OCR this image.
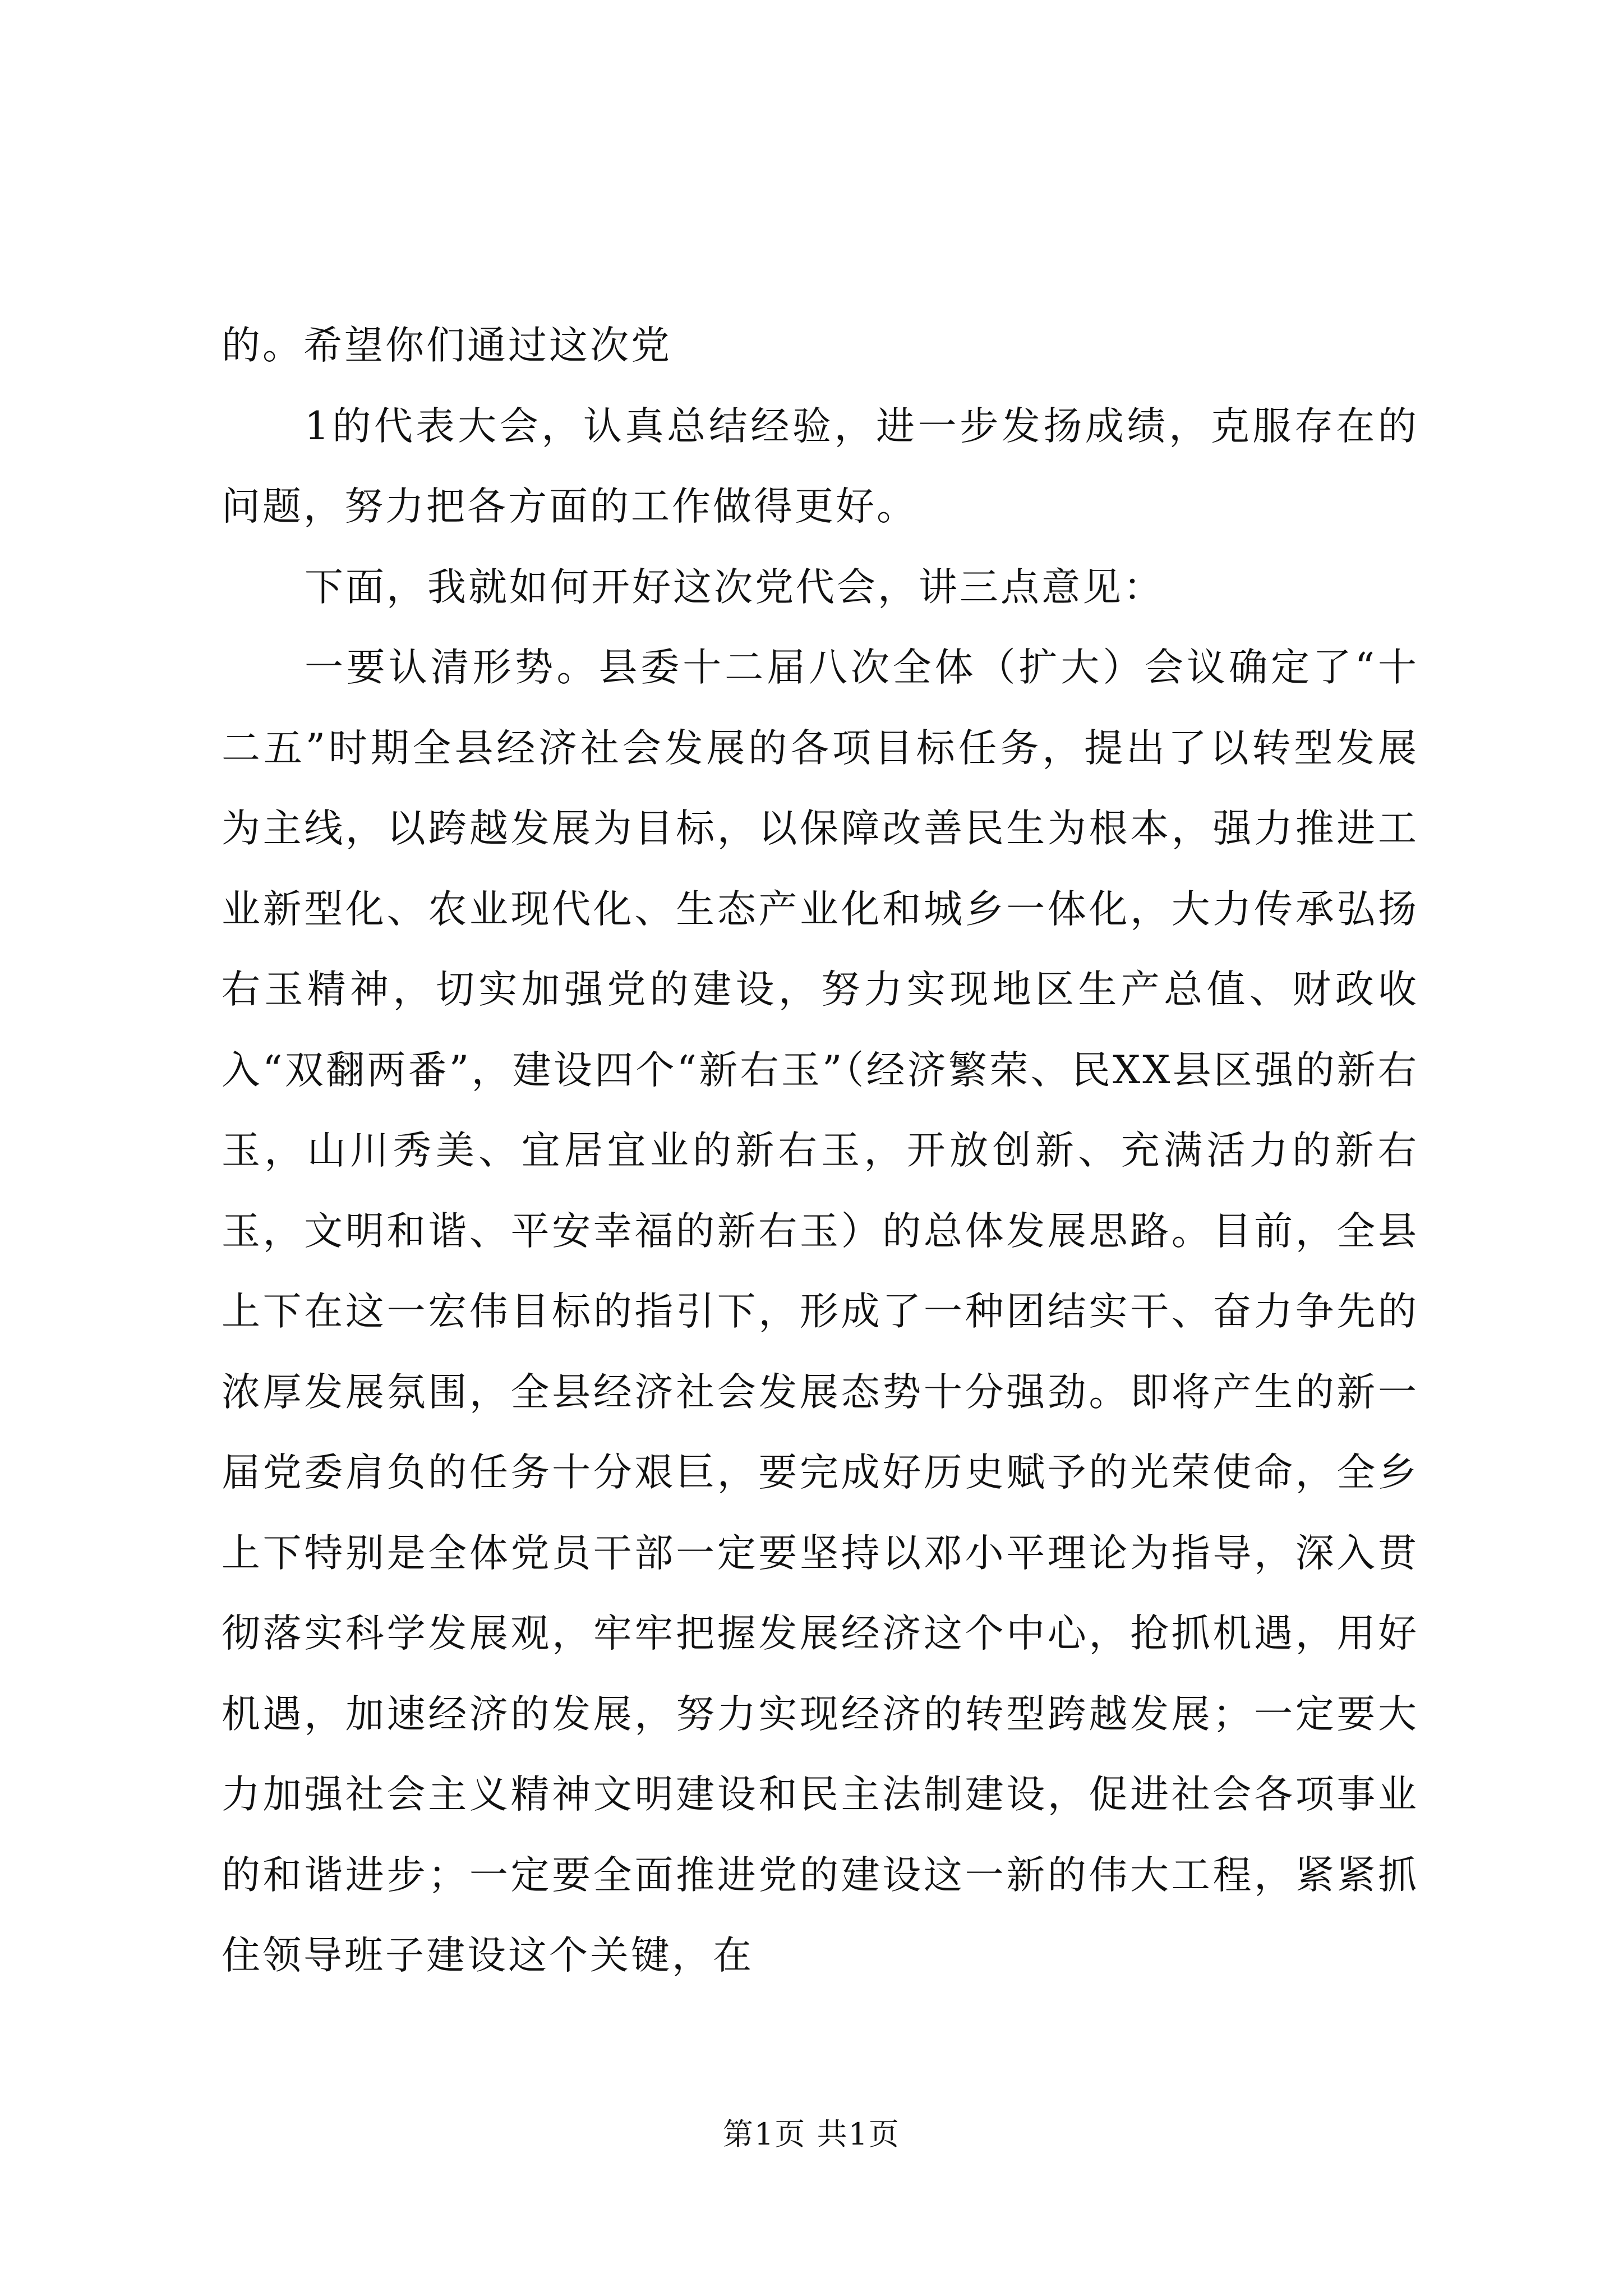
的。希望你们通过这次党

1的代表大会，认真总结经验，进一步发扬成绩，克服存在的问题，努力把各方面的工作做得更好。

下面，我就如何开好这次党代会，讲三点意见：

一要认清形势。县委十二届八次全体（扩大）会议确定了“十二五”时期全县经济社会发展的各项目标任务，提出了以转型发展为主线，以跨越发展为目标，以保障改善民生为根本，强力推进工业新型化、农业现代化、生态产业化和城乡一体化，大力传承弘扬右玉精神，切实加强党的建设，努力实现地区生产总值、财政收入“双翻两番”，建设四个“新右玉”（经济繁荣、民XX县区强的新右玉，山川秀美、宜居宜业的新右玉，开放创新、充满活力的新右玉，文明和谐、平安幸福的新右玉）的总体发展思路。目前，全县上下在这一宏伟目标的指引下，形成了一种团结实干、奋力争先的浓厚发展氛围，全县经济社会发展态势十分强劲。即将产生的新一届党委肩负的任务十分艰巨，要完成好历史赋予的光荣使命，全乡上下特别是全体党员干部一定要坚持以邓小平理论为指导，深入贯彻落实科学发展观，牢牢把握发展经济这个中心，抢抓机遇，用好机遇，加速经济的发展，努力实现经济的转型跨越发展；一定要大力加强社会主义精神文明建设和民主法制建设，促进社会各项事业的和谐进步；一定要全面推进党的建设这一新的伟大工程，紧紧抓住领导班子建设这个关键，在

第1页 共1页
